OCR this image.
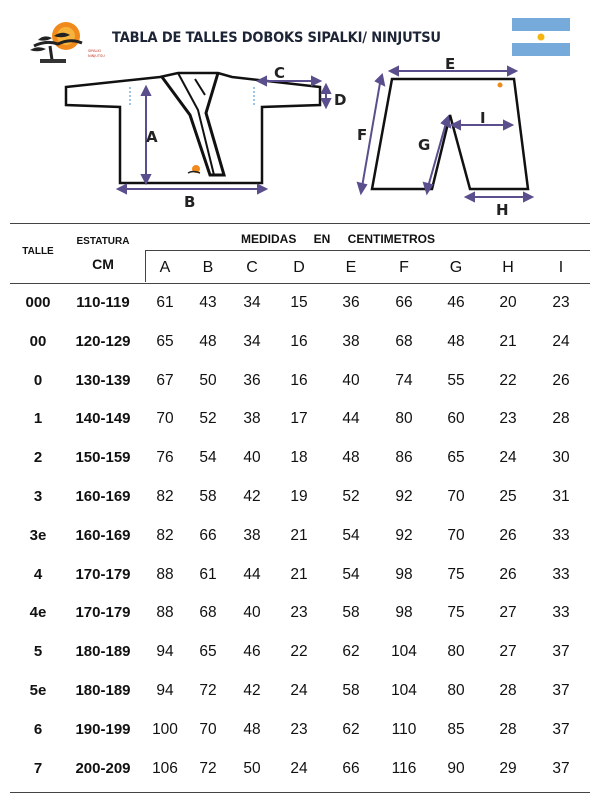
SIPALKI
NINJUTSU
TABLA DE TALLES DOBOKS SIPALKI/ NINJUTSU
A
B
C
D
E
F
G
H
I
TALLE
ESTATURA
CM
MEDIDAS EN CENTIMETROS
A	B	C	D	E	F	G	H	I
000	110-119	61	43	34	15	36	66	46	20	23
00	120-129	65	48	34	16	38	68	48	21	24
0	130-139	67	50	36	16	40	74	55	22	26
1	140-149	70	52	38	17	44	80	60	23	28
2	150-159	76	54	40	18	48	86	65	24	30
3	160-169	82	58	42	19	52	92	70	25	31
3e	160-169	82	66	38	21	54	92	70	26	33
4	170-179	88	61	44	21	54	98	75	26	33
4e	170-179	88	68	40	23	58	98	75	27	33
5	180-189	94	65	46	22	62	104	80	27	37
5e	180-189	94	72	42	24	58	104	80	28	37
6	190-199	100	70	48	23	62	110	85	28	37
7	200-209	106	72	50	24	66	116	90	29	37
